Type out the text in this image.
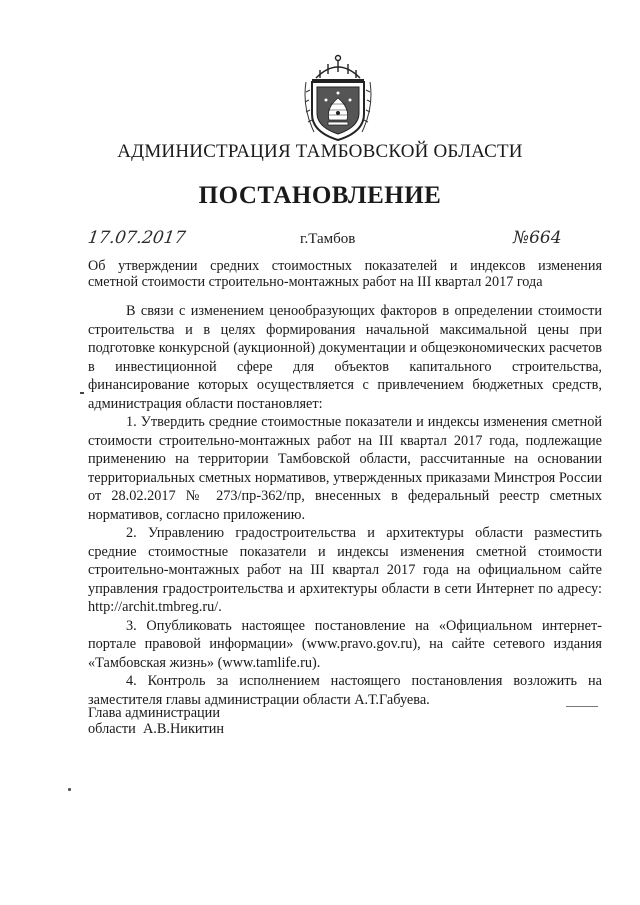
АДМИНИСТРАЦИЯ ТАМБОВСКОЙ ОБЛАСТИ
ПОСТАНОВЛЕНИЕ
17.07.2017	г.Тамбов	№664
Об утверждении средних стоимостных показателей и индексов изменения
сметной стоимости строительно-монтажных работ на III квартал 2017 года

В связи с изменением ценообразующих факторов в определении стоимости строительства и в целях формирования начальной максимальной цены при подготовке конкурсной (аукционной) документации и общеэкономических расчетов в инвестиционной сфере для объектов капитального строительства, финансирование которых осуществляется с привлечением бюджетных средств, администрация области постановляет:

1. Утвердить средние стоимостные показатели и индексы изменения сметной стоимости строительно-монтажных работ на III квартал 2017 года, подлежащие применению на территории Тамбовской области, рассчитанные на основании территориальных сметных нормативов, утвержденных приказами Минстроя России от 28.02.2017 № 273/пр-362/пр, внесенных в федеральный реестр сметных нормативов, согласно приложению.

2. Управлению градостроительства и архитектуры области разместить средние стоимостные показатели и индексы изменения сметной стоимости строительно-монтажных работ на III квартал 2017 года на официальном сайте управления градостроительства и архитектуры области в сети Интернет по адресу: http://archit.tmbreg.ru/.

3. Опубликовать настоящее постановление на «Официальном интернет-портале правовой информации» (www.pravo.gov.ru), на сайте сетевого издания «Тамбовская жизнь» (www.tamlife.ru).

4. Контроль за исполнением настоящего постановления возложить на заместителя главы администрации области А.Т.Габуева.

Глава администрации
области А.В.Никитин
